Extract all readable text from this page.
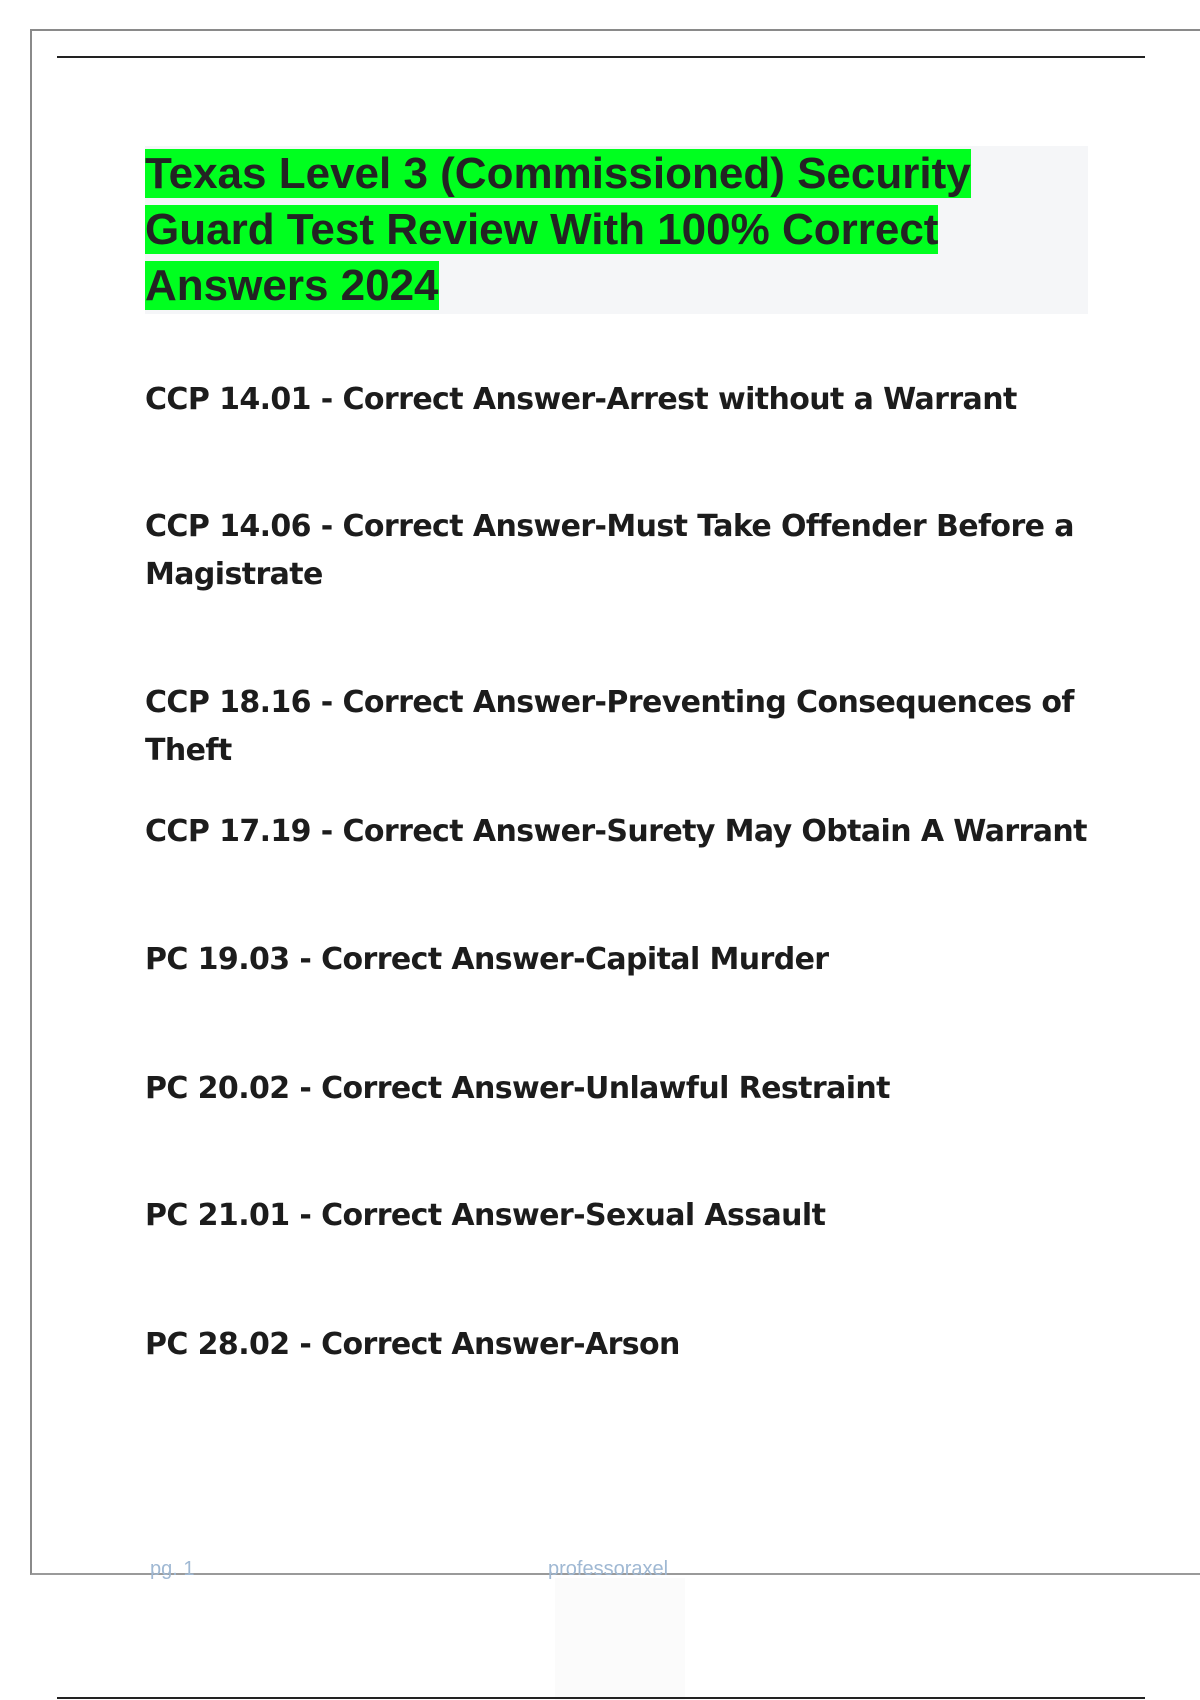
Texas Level 3 (Commissioned) Security Guard Test Review With 100% Correct Answers 2024
CCP 14.01 - Correct Answer-Arrest without a Warrant
CCP 14.06 - Correct Answer-Must Take Offender Before a Magistrate
CCP 18.16 - Correct Answer-Preventing Consequences of Theft
CCP 17.19 - Correct Answer-Surety May Obtain A Warrant
PC 19.03 - Correct Answer-Capital Murder
PC 20.02 - Correct Answer-Unlawful Restraint
PC 21.01 - Correct Answer-Sexual Assault
PC 28.02 - Correct Answer-Arson
pg. 1	professoraxel
